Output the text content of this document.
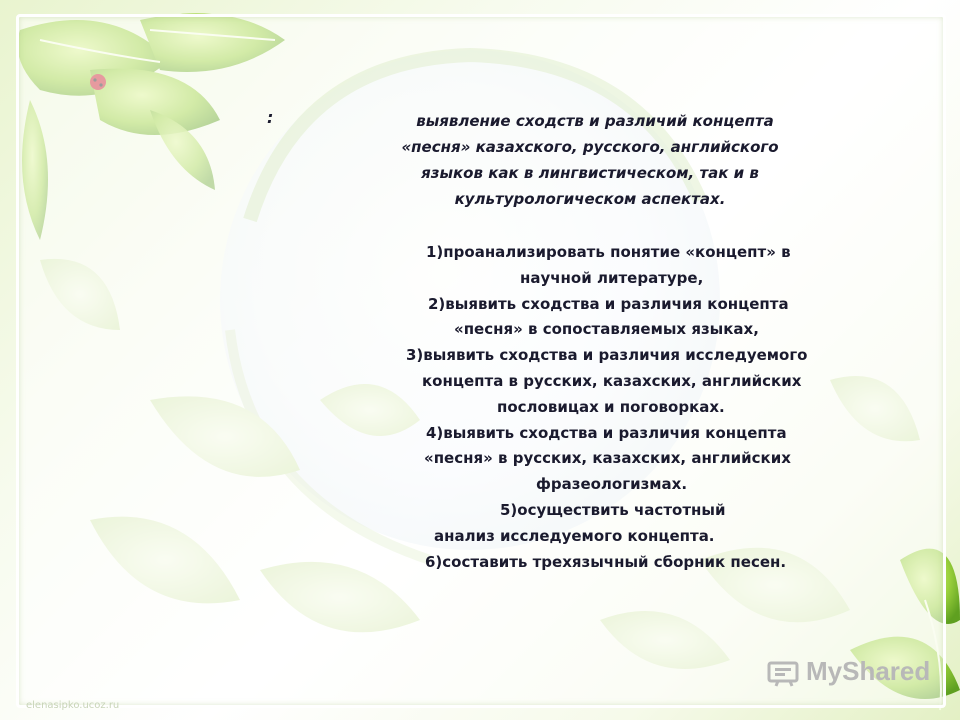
:	выявление сходств и различий концепта
«песня» казахского, русского, английского
языков как в лингвистическом, так и в
культурологическом аспектах.
1)проанализировать понятие «концепт» в
научной литературе,
2)выявить сходства и различия концепта
«песня» в сопоставляемых языках,
3)выявить сходства и различия исследуемого
концепта в русских, казахских, английских
пословицах и поговорках.
4)выявить сходства и различия концепта
«песня» в русских, казахских, английских
фразеологизмах.
5)осуществить частотный
анализ исследуемого концепта.
6)составить трехязычный сборник песен.
MyShared
elenasipko.ucoz.ru
